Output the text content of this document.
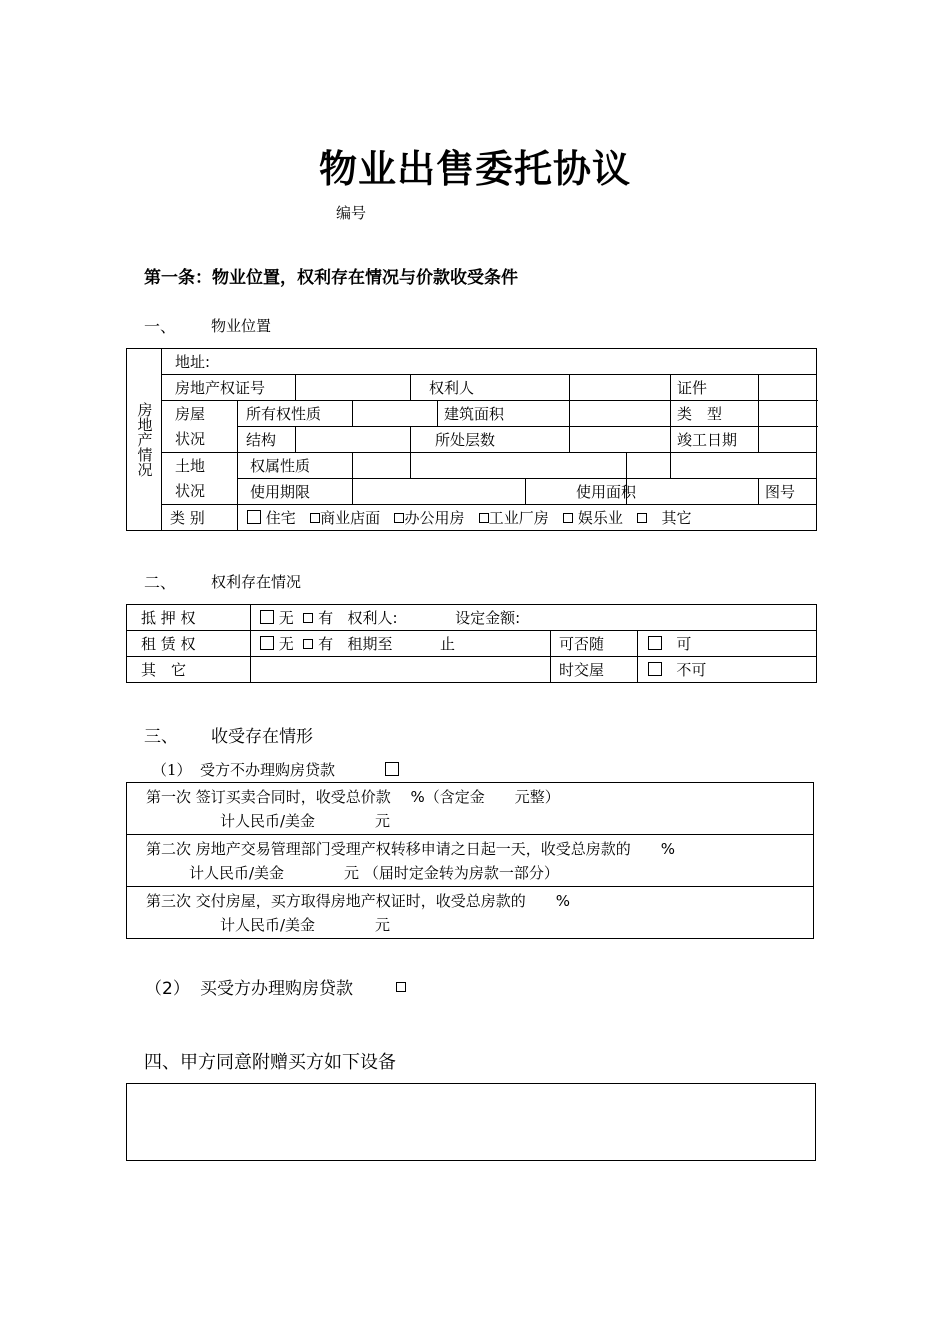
物业出售委托协议
编号
第一条：物业位置，权利存在情况与价款收受条件
一、 物业位置
房地产情况	地址:											
	房地产权证号				权利人					证件		
	房屋状况	所有权性质				建筑面积				类　型		
		结构			所处层数					竣工日期		
	土地状况	权属性质										
		使用期限					使用面积				图号	
	类 别	住宅 商业店面 办公用房 工业厂房 娱乐业 其它										
二、 权利存在情况
抵 押 权	无 有 权利人: 设定金额:		
租 赁 权	无 有 租期至 止	可否随	可
其　它		时交屋	不可
三、 收受存在情形
（1） 受方不办理购房贷款
第一次 签订买卖合同时，收受总价款　 %（含定金　　元整）
计人民币/美金　　　　元

第二次 房地产交易管理部门受理产权转移申请之日起一天，收受总房款的　　%
计人民币/美金　　　　元 （届时定金转为房款一部分）

第三次 交付房屋，买方取得房地产权证时，收受总房款的　　%
计人民币/美金　　　　元
（2） 买受方办理购房贷款
四、甲方同意附赠买方如下设备
